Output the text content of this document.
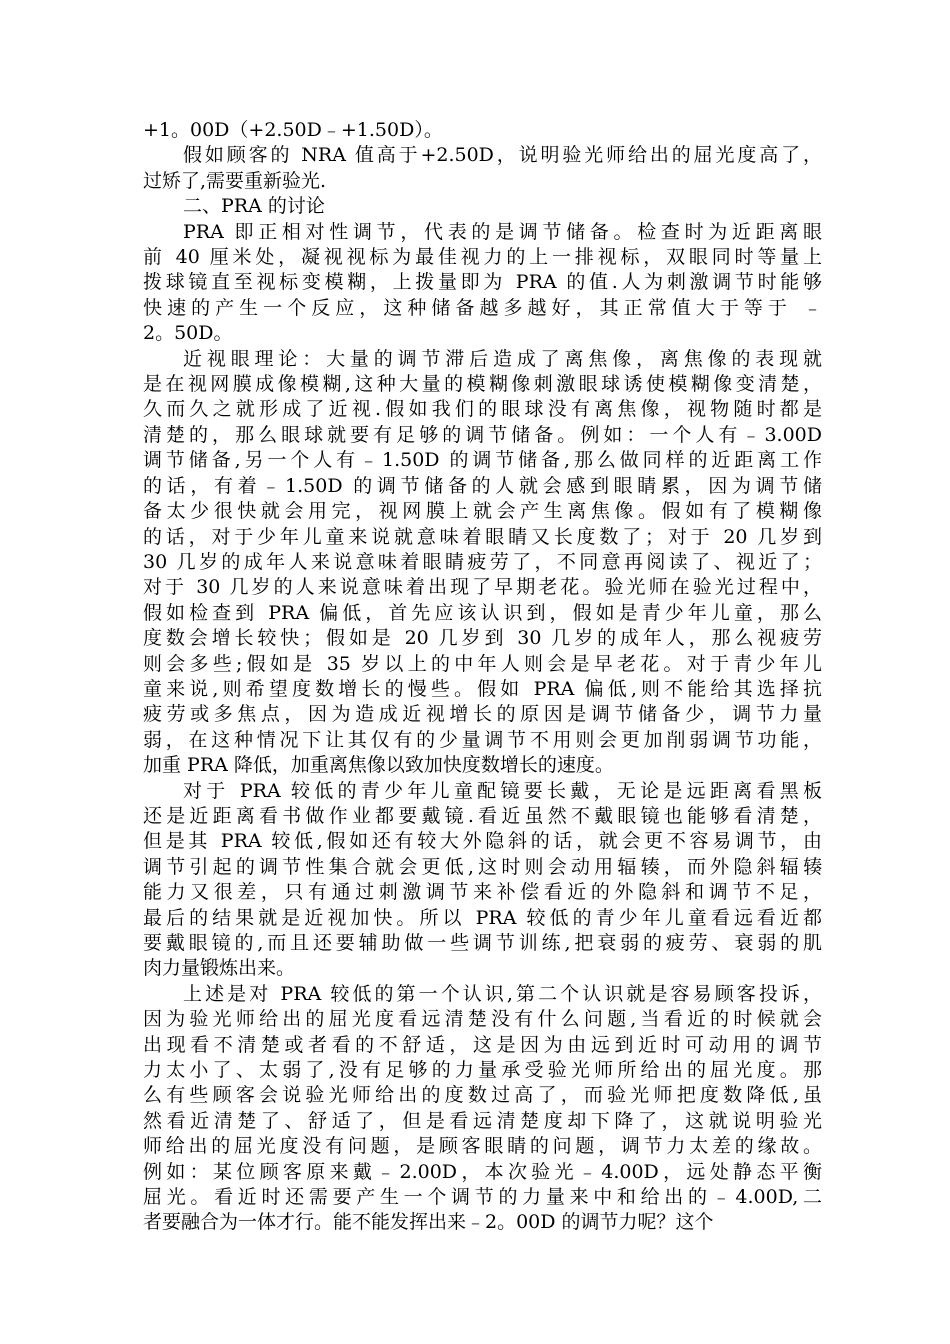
+1。00D（+2.50D﹣+1.50D）。
假如顾客的 NRA 值高于+2.50D，说明验光师给出的屈光度高了，
过矫了,需要重新验光.
二、PRA 的讨论
PRA 即正相对性调节，代表的是调节储备。检查时为近距离眼
前 40 厘米处，凝视视标为最佳视力的上一排视标，双眼同时等量上
拨球镜直至视标变模糊，上拨量即为 PRA 的值.人为刺激调节时能够
快速的产生一个反应，这种储备越多越好，其正常值大于等于 ﹣
2。50D。
近视眼理论：大量的调节滞后造成了离焦像，离焦像的表现就
是在视网膜成像模糊,这种大量的模糊像刺激眼球诱使模糊像变清楚，
久而久之就形成了近视.假如我们的眼球没有离焦像，视物随时都是
清楚的，那么眼球就要有足够的调节储备。例如：一个人有﹣3.00D
调节储备,另一个人有﹣1.50D 的调节储备,那么做同样的近距离工作
的话，有着﹣1.50D 的调节储备的人就会感到眼睛累，因为调节储
备太少很快就会用完，视网膜上就会产生离焦像。假如有了模糊像
的话，对于少年儿童来说就意味着眼睛又长度数了；对于 20 几岁到
30 几岁的成年人来说意味着眼睛疲劳了，不同意再阅读了、视近了；
对于 30 几岁的人来说意味着出现了早期老花。验光师在验光过程中，
假如检查到 PRA 偏低，首先应该认识到，假如是青少年儿童，那么
度数会增长较快；假如是 20 几岁到 30 几岁的成年人，那么视疲劳
则会多些;假如是 35 岁以上的中年人则会是早老花。对于青少年儿
童来说,则希望度数增长的慢些。假如 PRA 偏低,则不能给其选择抗
疲劳或多焦点，因为造成近视增长的原因是调节储备少，调节力量
弱，在这种情况下让其仅有的少量调节不用则会更加削弱调节功能，
加重 PRA 降低，加重离焦像以致加快度数增长的速度。
对于 PRA 较低的青少年儿童配镜要长戴，无论是远距离看黑板
还是近距离看书做作业都要戴镜.看近虽然不戴眼镜也能够看清楚，
但是其 PRA 较低,假如还有较大外隐斜的话，就会更不容易调节，由
调节引起的调节性集合就会更低,这时则会动用辐辏，而外隐斜辐辏
能力又很差，只有通过刺激调节来补偿看近的外隐斜和调节不足，
最后的结果就是近视加快。所以 PRA 较低的青少年儿童看远看近都
要戴眼镜的,而且还要辅助做一些调节训练,把衰弱的疲劳、衰弱的肌
肉力量锻炼出来。
上述是对 PRA 较低的第一个认识,第二个认识就是容易顾客投诉，
因为验光师给出的屈光度看远清楚没有什么问题,当看近的时候就会
出现看不清楚或者看的不舒适，这是因为由远到近时可动用的调节
力太小了、太弱了,没有足够的力量承受验光师所给出的屈光度。那
么有些顾客会说验光师给出的度数过高了，而验光师把度数降低,虽
然看近清楚了、舒适了，但是看远清楚度却下降了，这就说明验光
师给出的屈光度没有问题，是顾客眼睛的问题，调节力太差的缘故。
例如：某位顾客原来戴﹣2.00D，本次验光﹣4.00D，远处静态平衡
屈光。看近时还需要产生一个调节的力量来中和给出的﹣4.00D,二
者要融合为一体才行。能不能发挥出来﹣2。00D 的调节力呢？这个
